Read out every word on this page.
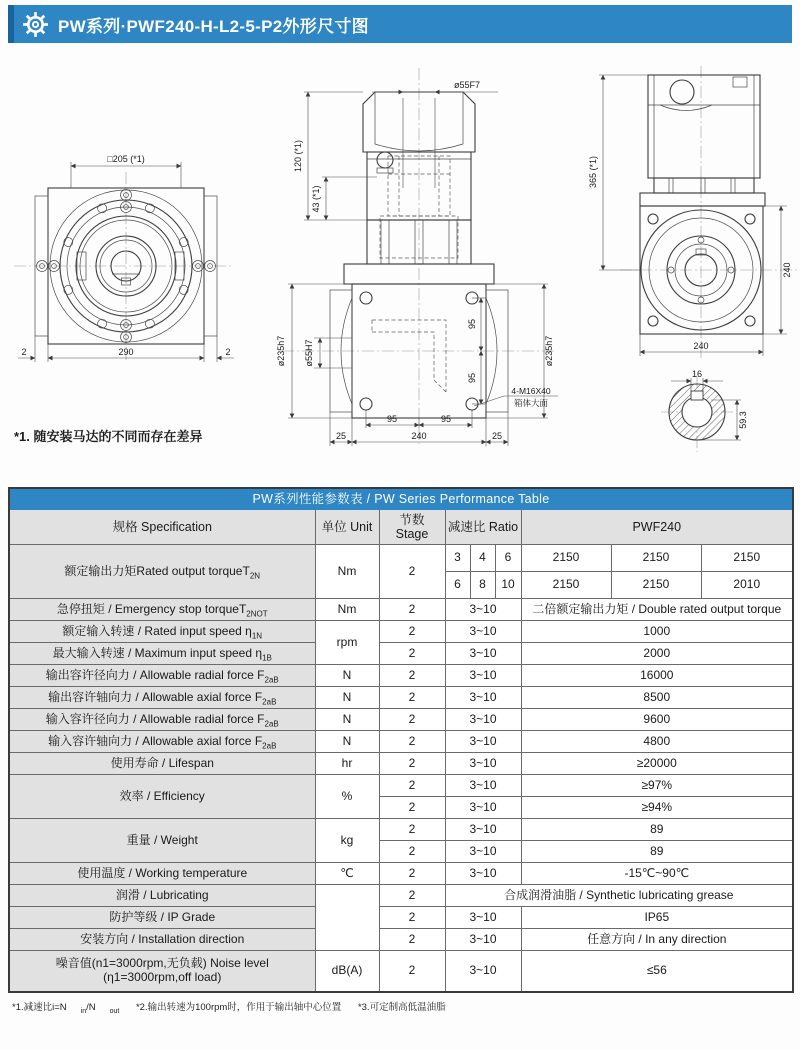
PW系列·PWF240-H-L2-5-P2外形尺寸图
□205 (*1)
290
2	2
ø55F7
120 (*1)
43 (*1)
ø235h7 ø55H7
95
95
ø235h7
95	95
25	240	25
4-M16X40
箱体大面
365 (*1)
240
240
16
59.3
*1. 随安装马达的不同而存在差异
PW系列性能参数表 / PW Series Performance Table								
规格 Specification	单位 Unit	节数 Stage	减速比 Ratio			PWF240		
额定输出力矩Rated output torqueT$_{2N}$	Nm	2	3	4	6	2150	2150	2150
			6	8	10	2150	2150	2010
急停扭矩 / Emergency stop torqueT$_{2NOT}$	Nm	2	3~10			二倍额定输出力矩 / Double rated output torque		
额定输入转速 / Rated input speed $\eta_{1N}$	rpm	2	3~10			1000		
最大输入转速 / Maximum input speed $\eta_{1B}$		2	3~10			2000		
输出容许径向力 / Allowable radial force $F_{2aB}$	N	2	3~10			16000		
输出容许轴向力 / Allowable axial force $F_{2aB}$	N	2	3~10			8500		
输入容许径向力 / Allowable radial force $F_{2aB}$	N	2	3~10			9600		
输入容许轴向力 / Allowable axial force $F_{2aB}$	N	2	3~10			4800		
使用寿命 / Lifespan	hr	2	3~10			≥20000		
效率 / Efficiency	%	2	3~10			≥97%		
		2	3~10			≥94%		
重量 / Weight	kg	2	3~10			89		
		2	3~10			89		
使用温度 / Working temperature	℃	2	3~10			-15℃~90℃		
润滑 / Lubricating		2	合成润滑油脂 / Synthetic lubricating grease					
防护等级 / IP Grade		2	3~10			IP65		
安装方向 / Installation direction		2	3~10			任意方向 / In any direction		

噪音值(n1=3000rpm,无负载) Noise level
(η1=3000rpm,off load)	dB(A)	2	3~10			≤56		
*1.减速比i=N $_{in}$/N $_{out}$ *2.输出转速为100rpm时，作用于输出轴中心位置 *3.可定制高低温油脂
